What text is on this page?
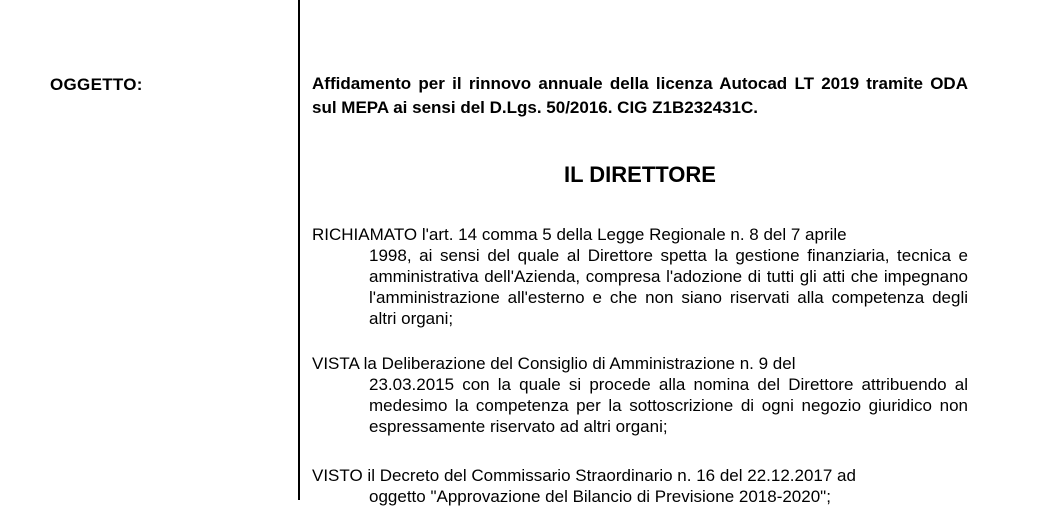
OGGETTO:	Affidamento per il rinnovo annuale della licenza Autocad LT 2019 tramite ODA sul MEPA ai sensi del D.Lgs. 50/2016. CIG Z1B232431C.

IL DIRETTORE
RICHIAMATO l'art. 14 comma 5 della Legge Regionale n. 8 del 7 aprile
1998, ai sensi del quale al Direttore spetta la gestione finanziaria, tecnica e amministrativa dell'Azienda, compresa l'adozione di tutti gli atti che impegnano l'amministrazione all'esterno e che non siano riservati alla competenza degli altri organi;
VISTA la Deliberazione del Consiglio di Amministrazione n. 9 del
23.03.2015 con la quale si procede alla nomina del Direttore attribuendo al medesimo la competenza per la sottoscrizione di ogni negozio giuridico non espressamente riservato ad altri organi;
VISTO il Decreto del Commissario Straordinario n. 16 del 22.12.2017 ad
oggetto "Approvazione del Bilancio di Previsione 2018-2020";
